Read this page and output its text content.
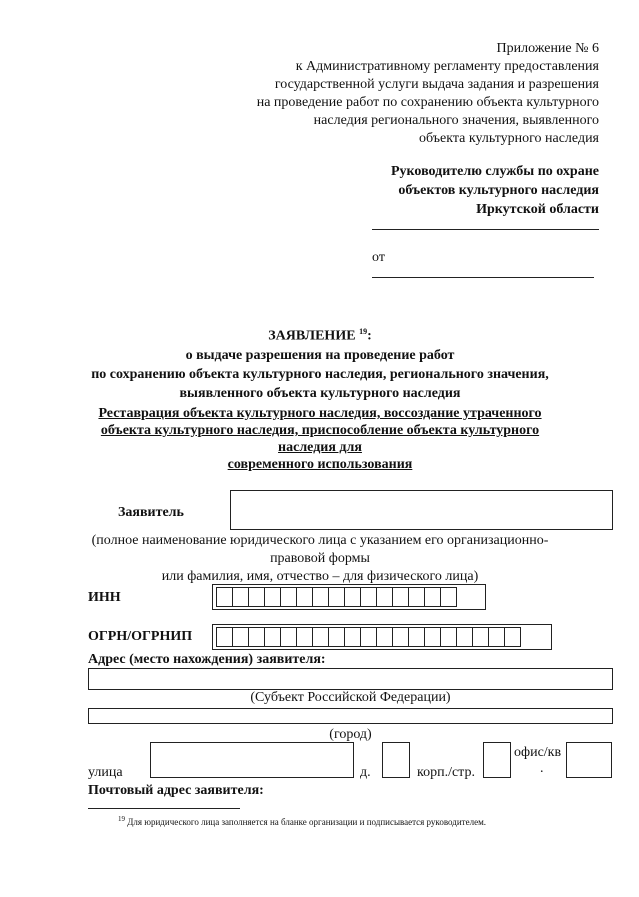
Приложение № 6
к Административному регламенту предоставления
государственной услуги выдача задания и разрешения
на проведение работ по сохранению объекта культурного
наследия регионального значения, выявленного
объекта культурного наследия
Руководителю службы по охране
объектов культурного наследия
Иркутской области
от
ЗАЯВЛЕНИЕ $^{19}$:
о выдаче разрешения на проведение работ
по сохранению объекта культурного наследия, регионального значения,
выявленного объекта культурного наследия
Реставрация объекта культурного наследия, воссоздание утраченного
объекта культурного наследия, приспособление объекта культурного
наследия для
современного использования
Заявитель
(полное наименование юридического лица с указанием его организационно-
правовой формы
или фамилия, имя, отчество – для физического лица)
ИНН
ОГРН/ОГРНИП
Адрес (место нахождения) заявителя:
(Субъект Российской Федерации)
(город)
улица	д.	корп./стр.
офис/кв
.
Почтовый адрес заявителя:
$^{19}$ Для юридического лица заполняется на бланке организации и подписывается руководителем.
